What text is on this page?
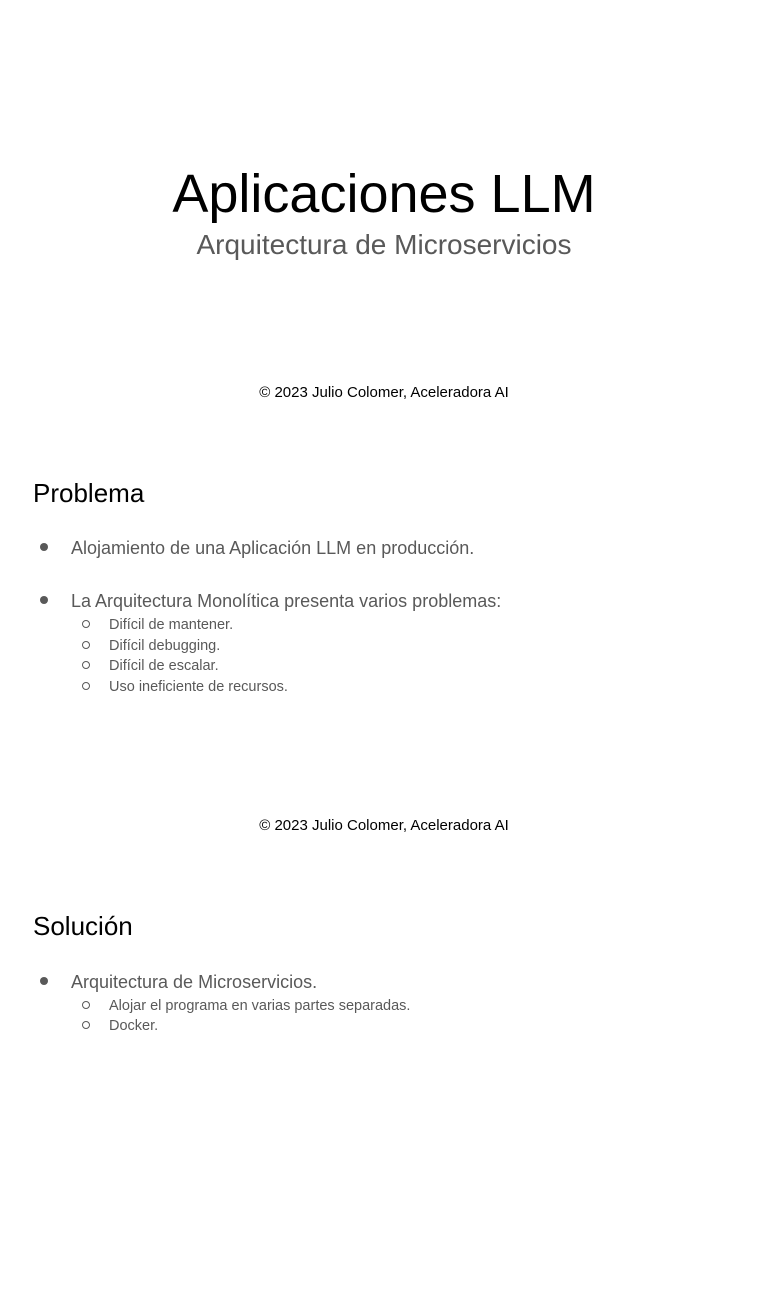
Aplicaciones LLM
Arquitectura de Microservicios
© 2023 Julio Colomer, Aceleradora AI
Problema
Alojamiento de una Aplicación LLM en producción.
La Arquitectura Monolítica presenta varios problemas:
Difícil de mantener.
Difícil debugging.
Difícil de escalar.
Uso ineficiente de recursos.
© 2023 Julio Colomer, Aceleradora AI
Solución
Arquitectura de Microservicios.
Alojar el programa en varias partes separadas.
Docker.
